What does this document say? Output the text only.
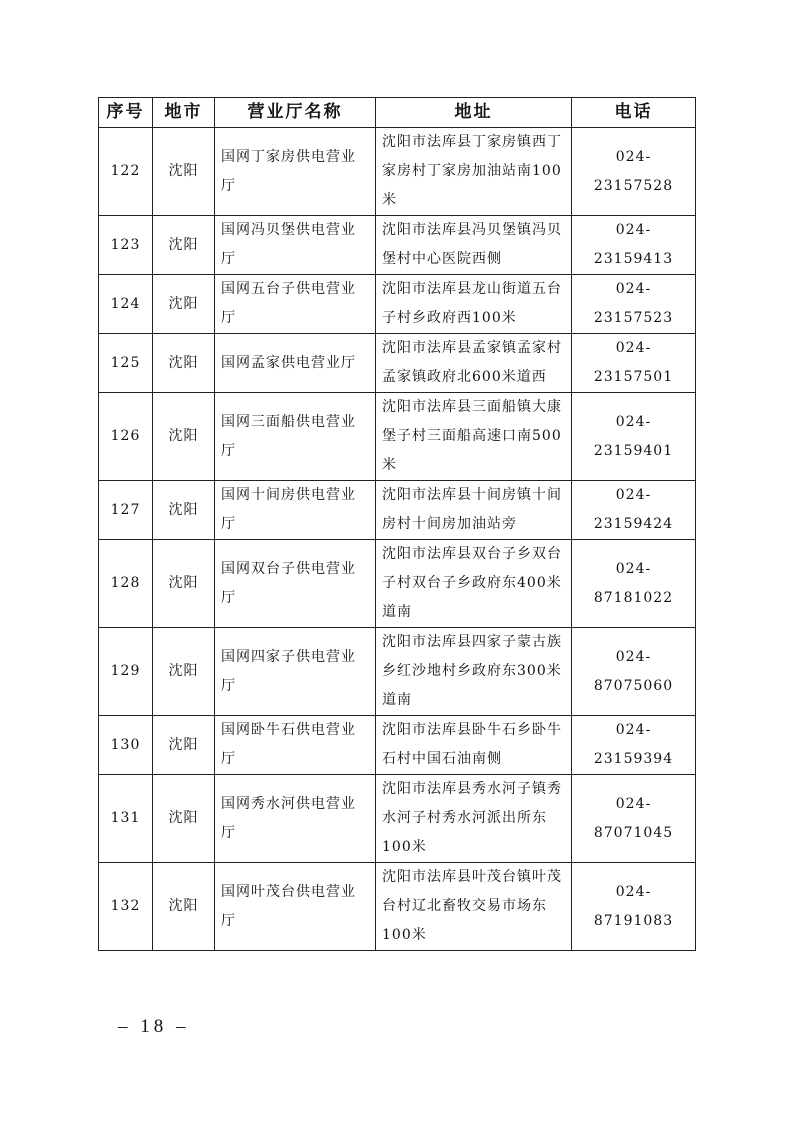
序号	地市	营业厅名称	地址	电话
122	沈阳	国网丁家房供电营业厅	沈阳市法库县丁家房镇西丁家房村丁家房加油站南100米	024-23157528
123	沈阳	国网冯贝堡供电营业厅	沈阳市法库县冯贝堡镇冯贝堡村中心医院西侧	024-23159413
124	沈阳	国网五台子供电营业厅	沈阳市法库县龙山街道五台子村乡政府西100米	024-23157523
125	沈阳	国网孟家供电营业厅	沈阳市法库县孟家镇孟家村孟家镇政府北600米道西	024-23157501
126	沈阳	国网三面船供电营业厅	沈阳市法库县三面船镇大康堡子村三面船高速口南500米	024-23159401
127	沈阳	国网十间房供电营业厅	沈阳市法库县十间房镇十间房村十间房加油站旁	024-23159424
128	沈阳	国网双台子供电营业厅	沈阳市法库县双台子乡双台子村双台子乡政府东400米道南	024-87181022
129	沈阳	国网四家子供电营业厅	沈阳市法库县四家子蒙古族乡红沙地村乡政府东300米道南	024-87075060
130	沈阳	国网卧牛石供电营业厅	沈阳市法库县卧牛石乡卧牛石村中国石油南侧	024-23159394
131	沈阳	国网秀水河供电营业厅	沈阳市法库县秀水河子镇秀水河子村秀水河派出所东100米	024-87071045
132	沈阳	国网叶茂台供电营业厅	沈阳市法库县叶茂台镇叶茂台村辽北畜牧交易市场东100米	024-87191083
– 18 –
